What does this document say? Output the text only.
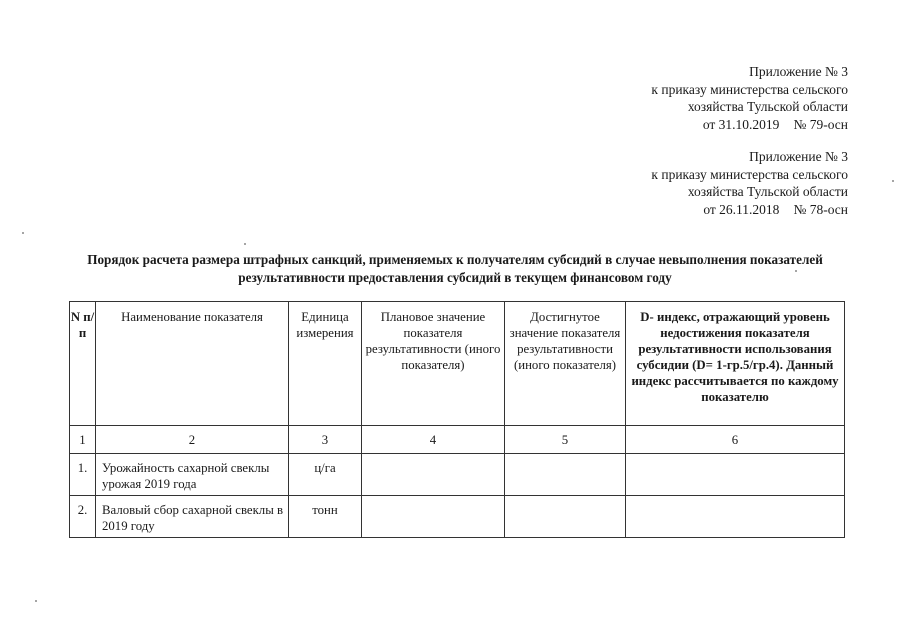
Приложение № 3
к приказу министерства сельского
хозяйства Тульской области
от 31.10.2019 № 79-осн
Приложение № 3
к приказу министерства сельского
хозяйства Тульской области
от 26.11.2018 № 78-осн
Порядок расчета размера штрафных санкций, применяемых к получателям субсидий в случае невыполнения показателей
результативности предоставления субсидий в текущем финансовом году
N п/п	Наименование показателя	Единица измерения	Плановое значение показателя результативности (иного показателя)	Достигнутое значение показателя результативности (иного показателя)	D- индекс, отражающий уровень недостижения показателя результативности использования субсидии (D= 1-гр.5/гр.4). Данный индекс рассчитывается по каждому показателю
1	2	3	4	5	6
1.	Урожайность сахарной свеклы урожая 2019 года	ц/га			
2.	Валовый сбор сахарной свеклы в 2019 году	тонн			
